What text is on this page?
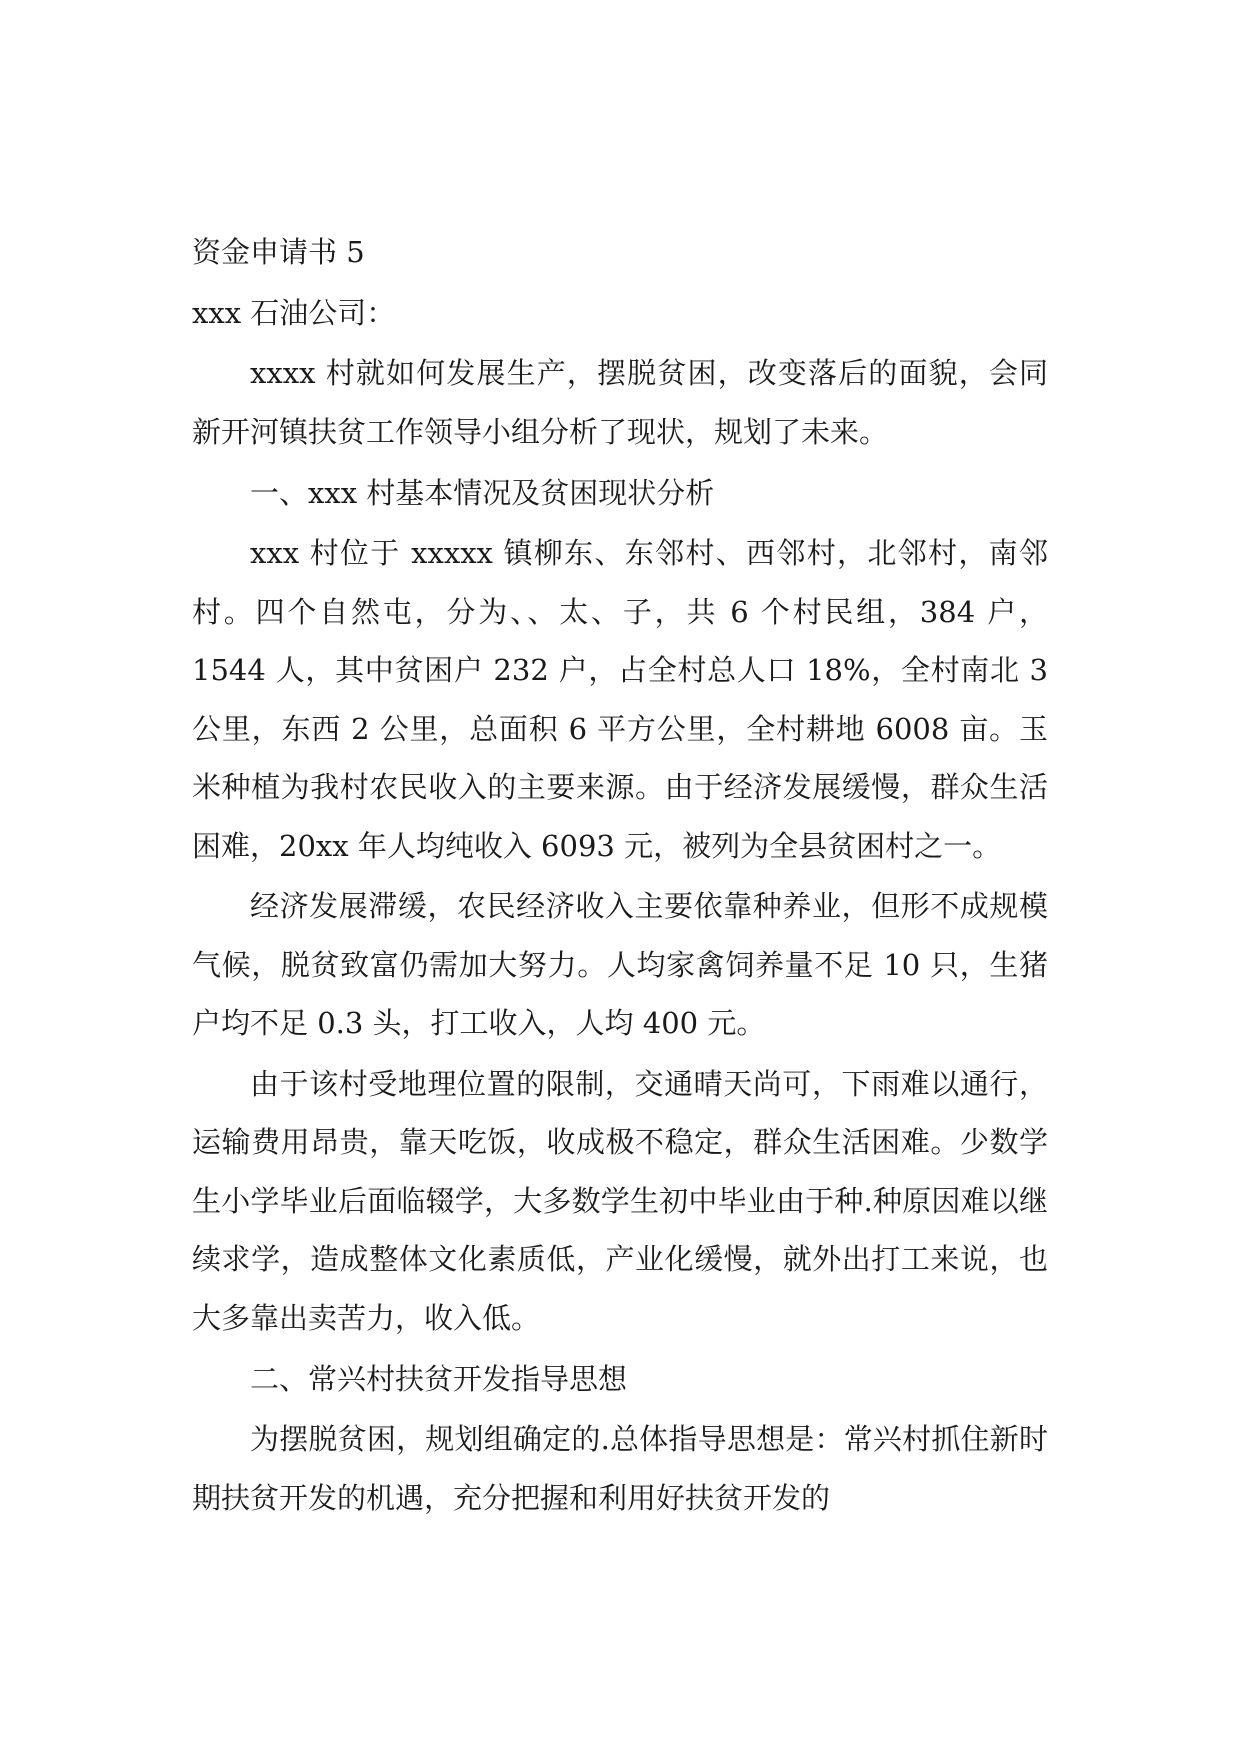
资金申请书 5

xxx 石油公司：

xxxx 村就如何发展生产，摆脱贫困，改变落后的面貌，会同新开河镇扶贫工作领导小组分析了现状，规划了未来。

一、xxx 村基本情况及贫困现状分析

xxx 村位于 xxxxx 镇柳东、东邻村、西邻村，北邻村，南邻村。四个自然屯，分为、、太、子，共 6 个村民组，384 户，1544 人，其中贫困户 232 户，占全村总人口 18%，全村南北 3 公里，东西 2 公里，总面积 6 平方公里，全村耕地 6008 亩。玉米种植为我村农民收入的主要来源。由于经济发展缓慢，群众生活困难，20xx 年人均纯收入 6093 元，被列为全县贫困村之一。

经济发展滞缓，农民经济收入主要依靠种养业，但形不成规模气候，脱贫致富仍需加大努力。人均家禽饲养量不足 10 只，生猪户均不足 0.3 头，打工收入，人均 400 元。

由于该村受地理位置的限制，交通晴天尚可，下雨难以通行，运输费用昂贵，靠天吃饭，收成极不稳定，群众生活困难。少数学生小学毕业后面临辍学，大多数学生初中毕业由于种.种原因难以继续求学，造成整体文化素质低，产业化缓慢，就外出打工来说，也大多靠出卖苦力，收入低。

二、常兴村扶贫开发指导思想

为摆脱贫困，规划组确定的.总体指导思想是：常兴村抓住新时期扶贫开发的机遇，充分把握和利用好扶贫开发的
